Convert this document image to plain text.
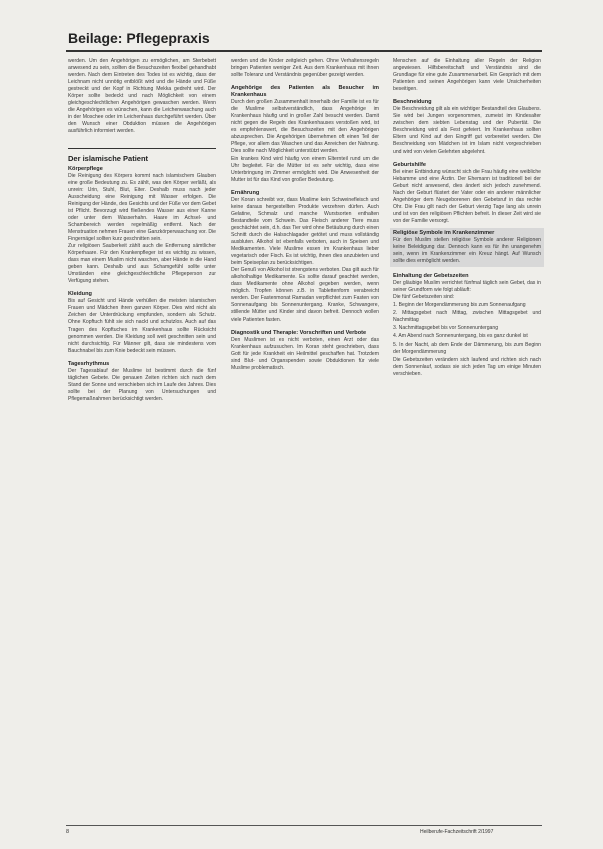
Beilage: Pflegepraxis

werden. Um den Angehörigen zu ermöglichen, am Sterbebett anwesend zu sein, sollten die Besuchszeiten flexibel gehandhabt werden. Nach dem Eintreten des Todes ist es wichtig, dass der Leichnam nicht unnötig entblößt wird und die Hände und Füße gestreckt und der Kopf in Richtung Mekka gedreht wird. Der Körper sollte bedeckt und nach Möglichkeit von einem gleichgeschlechtlichen Angehörigen gewaschen werden. Wenn die Angehörigen es wünschen, kann die Leichenwaschung auch in der Moschee oder im Leichenhaus durchgeführt werden. Über den Wunsch einer Obduktion müssen die Angehörigen ausführlich informiert werden.

Der islamische Patient
Körperpflege

Die Reinigung des Körpers kommt nach islamischem Glauben eine große Bedeutung zu. Es zählt, was den Körper verläßt, als unrein: Urin, Stuhl, Blut, Eiter. Deshalb muss nach jeder Ausscheidung eine Reinigung mit Wasser erfolgen. Die Reinigung der Hände, des Gesichts und der Füße vor dem Gebet ist Pflicht. Bevorzugt wird fließendes Wasser aus einer Kanne oder unter dem Wasserhahn. Haare im Achsel- und Schambereich werden regelmäßig entfernt. Nach der Menstruation nehmen Frauen eine Ganzkörperwaschung vor. Die Fingernägel sollten kurz geschnitten sein.

Zur religiösen Sauberkeit zählt auch die Entfernung sämtlicher Körperhaare. Für den Krankenpfleger ist es wichtig zu wissen, dass man einem Muslim nicht waschen, aber Hände in die Hand geben kann. Deshalb und aus Schamgefühl sollte unter Umständen eine gleichgeschlechtliche Pflegeperson zur Verfügung stehen.

Kleidung

Bis auf Gesicht und Hände verhüllen die meisten islamischen Frauen und Mädchen ihren ganzen Körper. Dies wird nicht als Zeichen der Unterdrückung empfunden, sondern als Schutz. Ohne Kopftuch fühlt sie sich nackt und schutzlos. Auch auf das Tragen des Kopftuches im Krankenhaus sollte Rücksicht genommen werden. Die Kleidung soll weit geschnitten sein und nicht durchsichtig. Für Männer gilt, dass sie mindestens vom Bauchnabel bis zum Knie bedeckt sein müssen.

Tagesrhythmus

Der Tagesablauf der Muslime ist bestimmt durch die fünf täglichen Gebete. Die genauen Zeiten richten sich nach dem Stand der Sonne und verschieben sich im Laufe des Jahres. Dies sollte bei der Planung von Untersuchungen und Pflegemaßnahmen berücksichtigt werden.

werden und die Kinder zeitgleich gehen. Ohne Verhaltensregeln bringen Patienten weniger Zeit. Aus dem Krankenhaus mit ihnen sollte Toleranz und Verständnis gegenüber gezeigt werden.

Angehörige des Patienten als Besucher im Krankenhaus

Durch den großen Zusammenhalt innerhalb der Familie ist es für die Muslime selbstverständlich, dass Angehörige im Krankenhaus häufig und in großer Zahl besucht werden. Damit nicht gegen die Regeln des Krankenhauses verstoßen wird, ist es empfehlenswert, die Besuchszeiten mit den Angehörigen abzusprechen. Die Angehörigen übernehmen oft einen Teil der Pflege, vor allem das Waschen und das Anreichen der Nahrung. Dies sollte nach Möglichkeit unterstützt werden.

Ein krankes Kind wird häufig von einem Elternteil rund um die Uhr begleitet. Für die Mütter ist es sehr wichtig, dass eine Unterbringung im Zimmer ermöglicht wird. Die Anwesenheit der Mutter ist für das Kind von großer Bedeutung.

Ernährung

Der Koran schreibt vor, dass Muslime kein Schweinefleisch und keine daraus hergestellten Produkte verzehren dürfen. Auch Gelatine, Schmalz und manche Wurstsorten enthalten Bestandteile vom Schwein. Das Fleisch anderer Tiere muss geschächtet sein, d.h. das Tier wird ohne Betäubung durch einen Schnitt durch die Halsschlagader getötet und muss vollständig ausbluten. Alkohol ist ebenfalls verboten, auch in Speisen und Medikamenten. Viele Muslime essen im Krankenhaus lieber vegetarisch oder Fisch. Es ist wichtig, ihnen dies anzubieten und beim Speiseplan zu berücksichtigen.

Der Genuß von Alkohol ist strengstens verboten. Das gilt auch für alkoholhaltige Medikamente. Es sollte darauf geachtet werden, dass Medikamente ohne Alkohol gegeben werden, wenn möglich. Tropfen können z.B. in Tablettenform verabreicht werden. Der Fastenmonat Ramadan verpflichtet zum Fasten von Sonnenaufgang bis Sonnenuntergang. Kranke, Schwangere, stillende Mütter und Kinder sind davon befreit. Dennoch wollen viele Patienten fasten.

Diagnostik und Therapie: Vorschriften und Verbote

Den Muslimen ist es nicht verboten, einen Arzt oder das Krankenhaus aufzusuchen. Im Koran steht geschrieben, dass Gott für jede Krankheit ein Heilmittel geschaffen hat. Trotzdem sind Blut- und Organspenden sowie Obduktionen für viele Muslime problematisch.

Menschen auf die Einhaltung aller Regeln der Religion angewiesen. Hilfsbereitschaft und Verständnis sind die Grundlage für eine gute Zusammenarbeit. Ein Gespräch mit dem Patienten und seinen Angehörigen kann viele Unsicherheiten beseitigen.

Beschneidung

Die Beschneidung gilt als ein wichtiger Bestandteil des Glaubens. Sie wird bei Jungen vorgenommen, zumeist im Kindesalter zwischen dem siebten Lebenstag und der Pubertät. Die Beschneidung wird als Fest gefeiert. Im Krankenhaus sollten Eltern und Kind auf den Eingriff gut vorbereitet werden. Die Beschneidung von Mädchen ist im Islam nicht vorgeschrieben und wird von vielen Gelehrten abgelehnt.

Geburtshilfe

Bei einer Entbindung wünscht sich die Frau häufig eine weibliche Hebamme und eine Ärztin. Der Ehemann ist traditionell bei der Geburt nicht anwesend, dies ändert sich jedoch zunehmend. Nach der Geburt flüstert der Vater oder ein anderer männlicher Angehöriger dem Neugeborenen den Gebetsruf in das rechte Ohr. Die Frau gilt nach der Geburt vierzig Tage lang als unrein und ist von den religiösen Pflichten befreit. In dieser Zeit wird sie von der Familie versorgt.

Religiöse Symbole im Krankenzimmer

Für den Muslim stellen religiöse Symbole anderer Religionen keine Beleidigung dar. Dennoch kann es für ihn unangenehm sein, wenn im Krankenzimmer ein Kreuz hängt. Auf Wunsch sollte dies ermöglicht werden.

Einhaltung der Gebetszeiten

Der gläubige Muslim verrichtet fünfmal täglich sein Gebet, das in seiner Grundform wie folgt abläuft:

Die fünf Gebetszeiten sind:

1. Beginn der Morgendämmerung bis zum Sonnenaufgang

2. Mittagsgebet nach Mittag, zwischen Mittagsgebet und Nachmittag

3. Nachmittagsgebet bis vor Sonnenuntergang

4. Am Abend nach Sonnenuntergang, bis es ganz dunkel ist

5. In der Nacht, ab dem Ende der Dämmerung, bis zum Beginn der Morgendämmerung

Die Gebetszeiten verändern sich laufend und richten sich nach dem Sonnenlauf, sodass sie sich jeden Tag um einige Minuten verschieben.

8	Heilberufe-Fachzeitschrift 2/1997
